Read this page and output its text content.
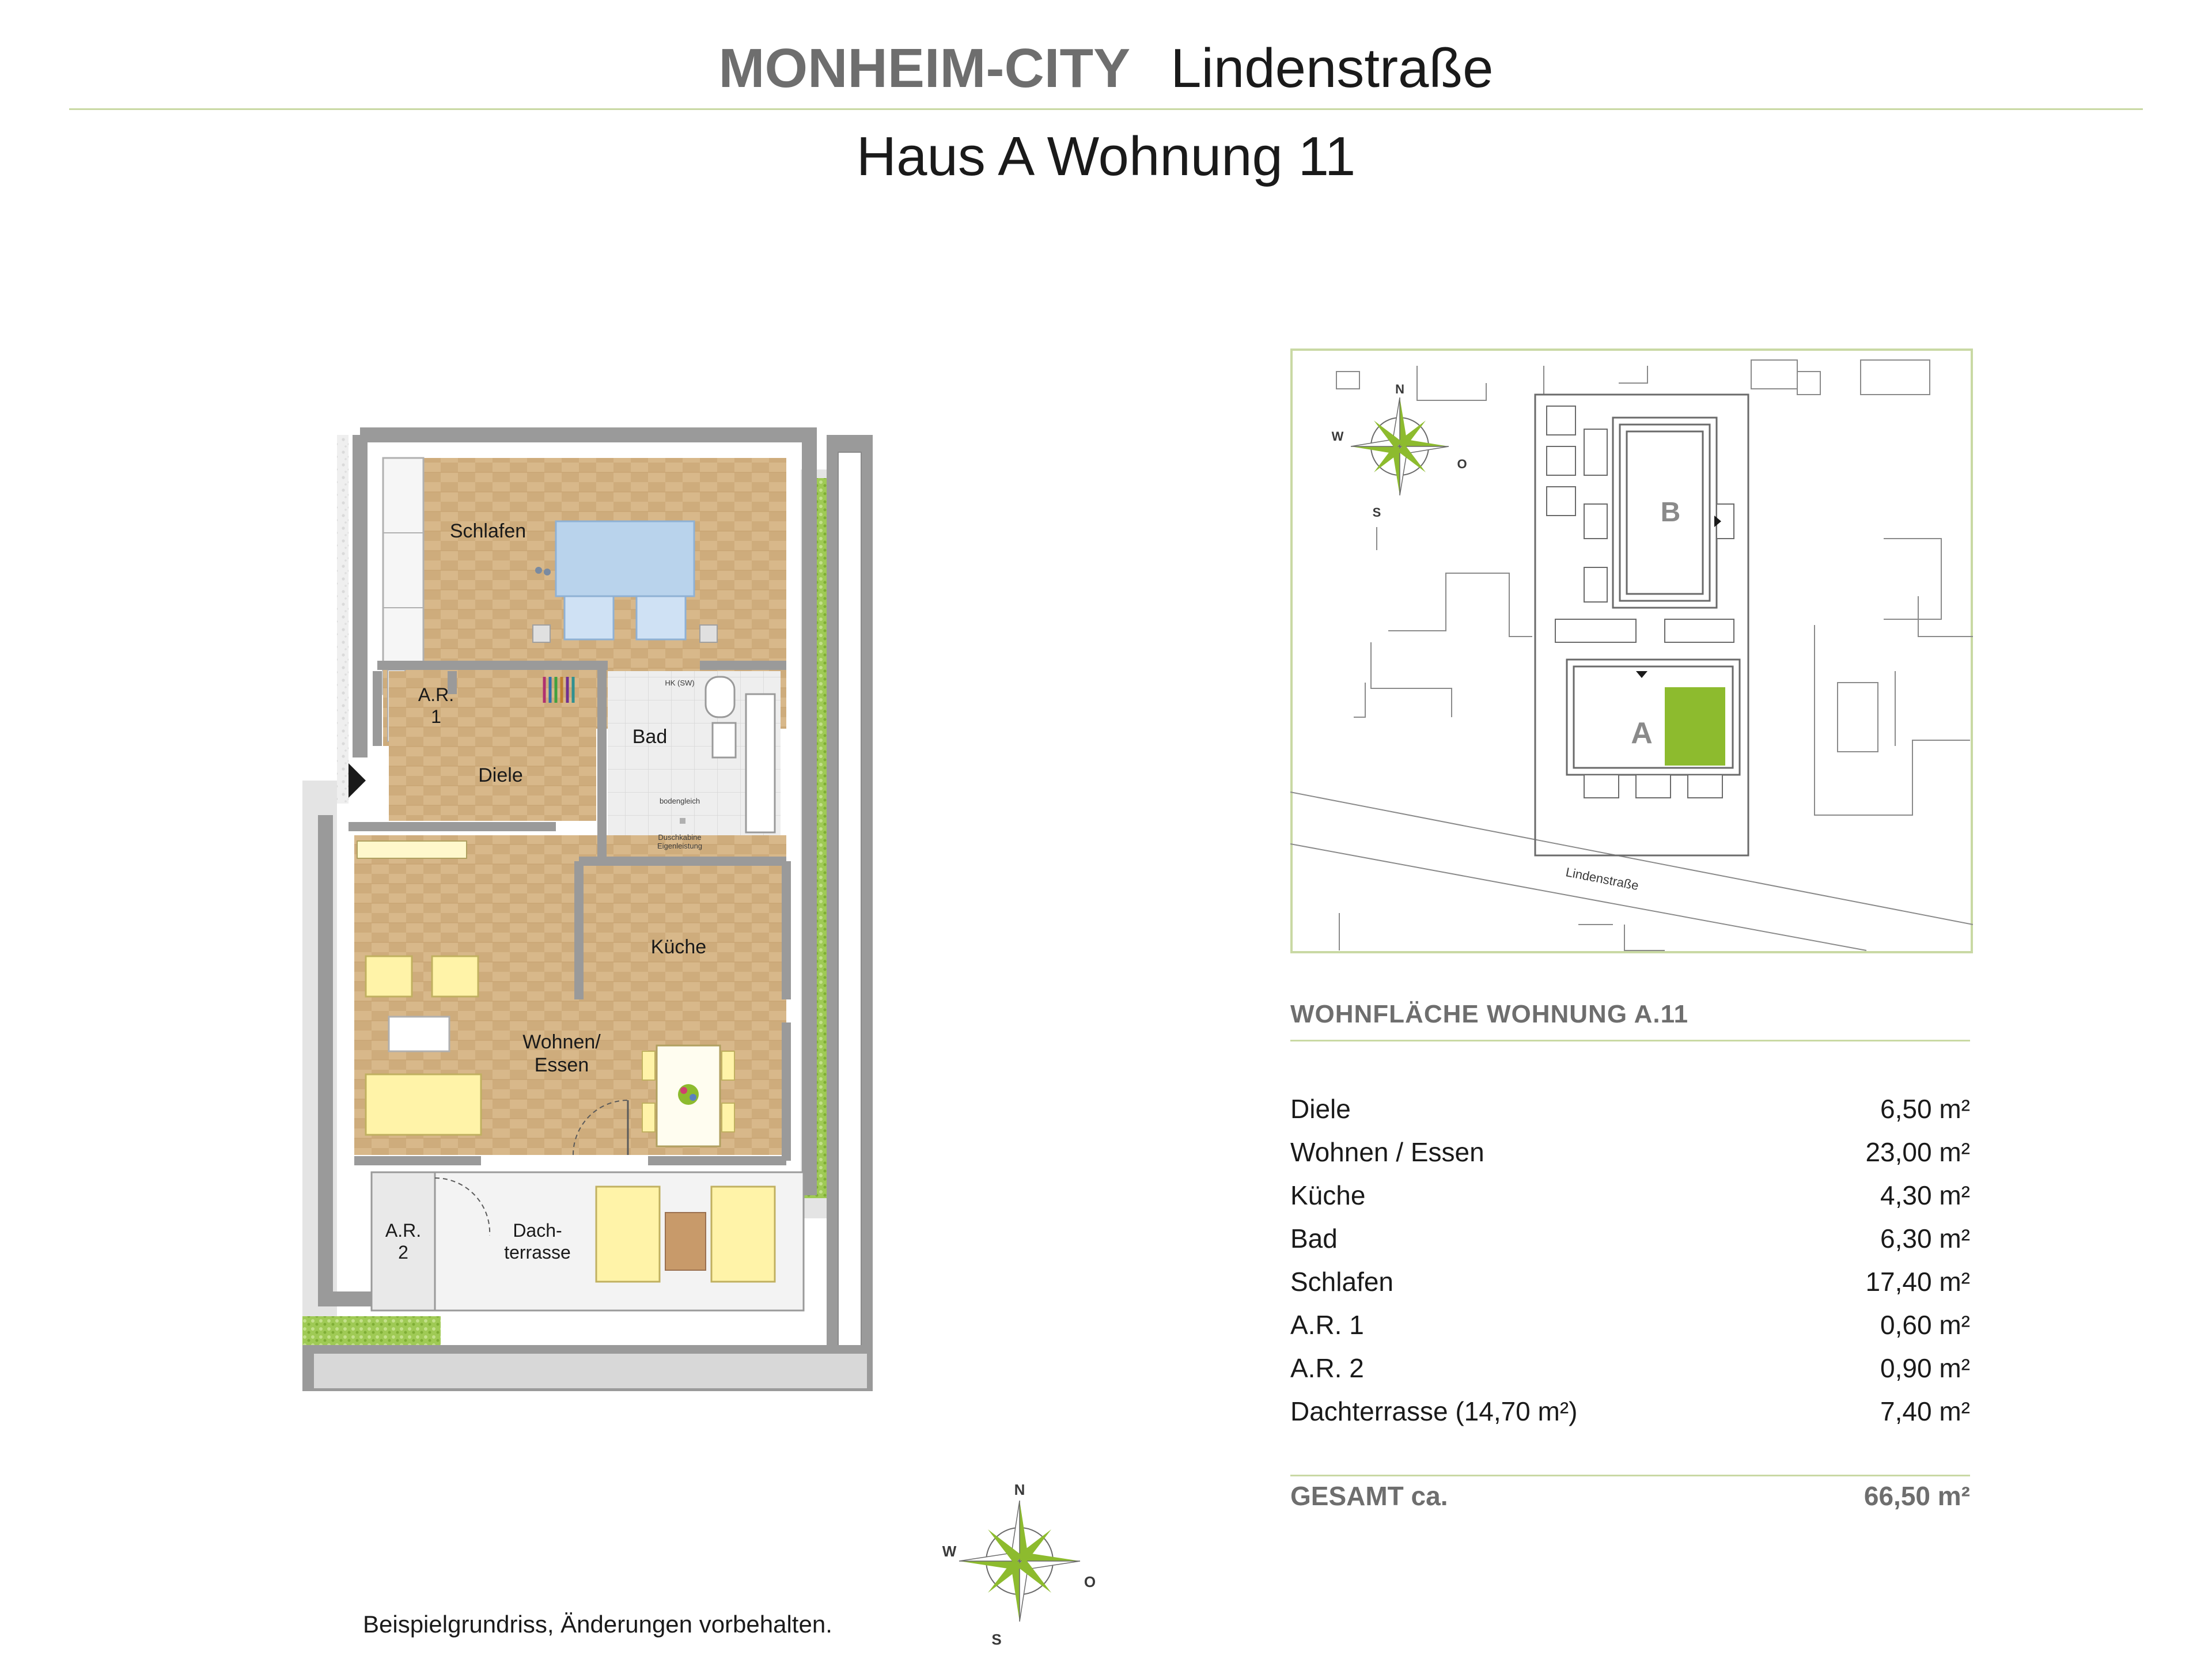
MONHEIM-CITY Lindenstraße
Haus A Wohnung 11
Schlafen
A.R.
1
Diele
Bad
HK (SW)
bodengleich
Duschkabine
Eigenleistung
Küche
Wohnen/
Essen
A.R.
2
Dach-
terrasse
B
A
Lindenstraße
N
S
W
O
WOHNFLÄCHE WOHNUNG A.11
Diele	6,50 m²
Wohnen / Essen	23,00 m²
Küche	4,30 m²
Bad	6,30 m²
Schlafen	17,40 m²
A.R. 1	0,60 m²
A.R. 2	0,90 m²
Dachterrasse (14,70 m²)	7,40 m²
GESAMT ca.	66,50 m²
N
S
W
O
Beispielgrundriss, Änderungen vorbehalten.
